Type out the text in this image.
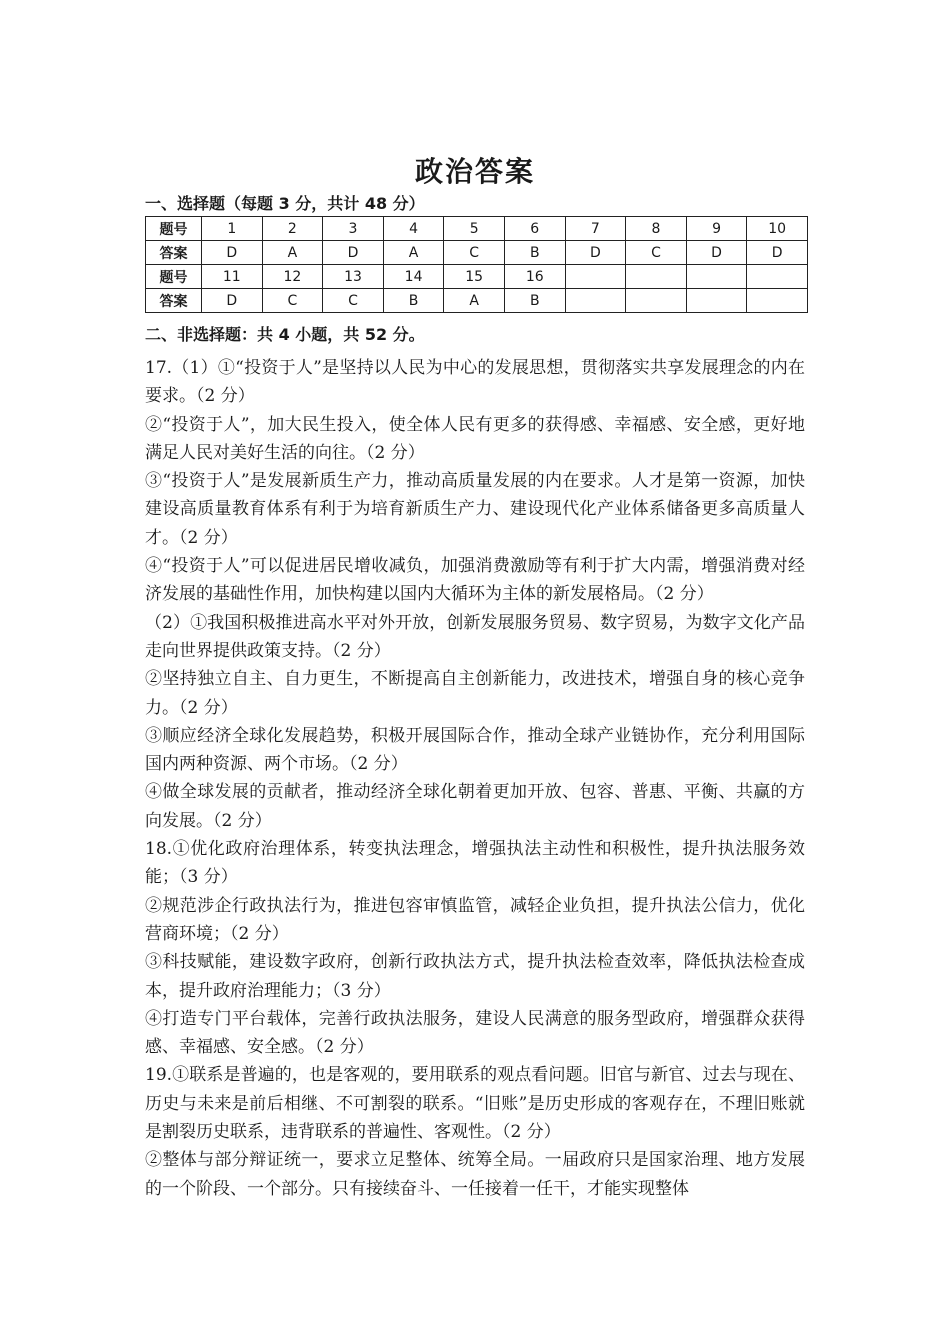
政治答案
一、选择题（每题 3 分，共计 48 分）
题号	1	2	3	4	5	6	7	8	9	10
答案	D	A	D	A	C	B	D	C	D	D
题号	11	12	13	14	15	16				
答案	D	C	C	B	A	B				
二、非选择题：共 4 小题，共 52 分。

17.（1）①“投资于人”是坚持以人民为中心的发展思想，贯彻落实共享发展理念的内在要求。（2 分）

②“投资于人”，加大民生投入，使全体人民有更多的获得感、幸福感、安全感，更好地满足人民对美好生活的向往。（2 分）

③“投资于人”是发展新质生产力，推动高质量发展的内在要求。人才是第一资源，加快建设高质量教育体系有利于为培育新质生产力、建设现代化产业体系储备更多高质量人才。（2 分）

④“投资于人”可以促进居民增收减负，加强消费激励等有利于扩大内需，增强消费对经济发展的基础性作用，加快构建以国内大循环为主体的新发展格局。（2 分）

（2）①我国积极推进高水平对外开放，创新发展服务贸易、数字贸易，为数字文化产品走向世界提供政策支持。（2 分）

②坚持独立自主、自力更生，不断提高自主创新能力，改进技术，增强自身的核心竞争力。（2 分）

③顺应经济全球化发展趋势，积极开展国际合作，推动全球产业链协作，充分利用国际国内两种资源、两个市场。（2 分）

④做全球发展的贡献者，推动经济全球化朝着更加开放、包容、普惠、平衡、共赢的方向发展。（2 分）

18.①优化政府治理体系，转变执法理念，增强执法主动性和积极性，提升执法服务效能；（3 分）

②规范涉企行政执法行为，推进包容审慎监管，减轻企业负担，提升执法公信力，优化营商环境；（2 分）

③科技赋能，建设数字政府，创新行政执法方式，提升执法检查效率，降低执法检查成本，提升政府治理能力；（3 分）

④打造专门平台载体，完善行政执法服务，建设人民满意的服务型政府，增强群众获得感、幸福感、安全感。（2 分）

19.①联系是普遍的，也是客观的，要用联系的观点看问题。旧官与新官、过去与现在、历史与未来是前后相继、不可割裂的联系。“旧账”是历史形成的客观存在，不理旧账就是割裂历史联系，违背联系的普遍性、客观性。（2 分）

②整体与部分辩证统一，要求立足整体、统筹全局。一届政府只是国家治理、地方发展的一个阶段、一个部分。只有接续奋斗、一任接着一任干，才能实现整体
